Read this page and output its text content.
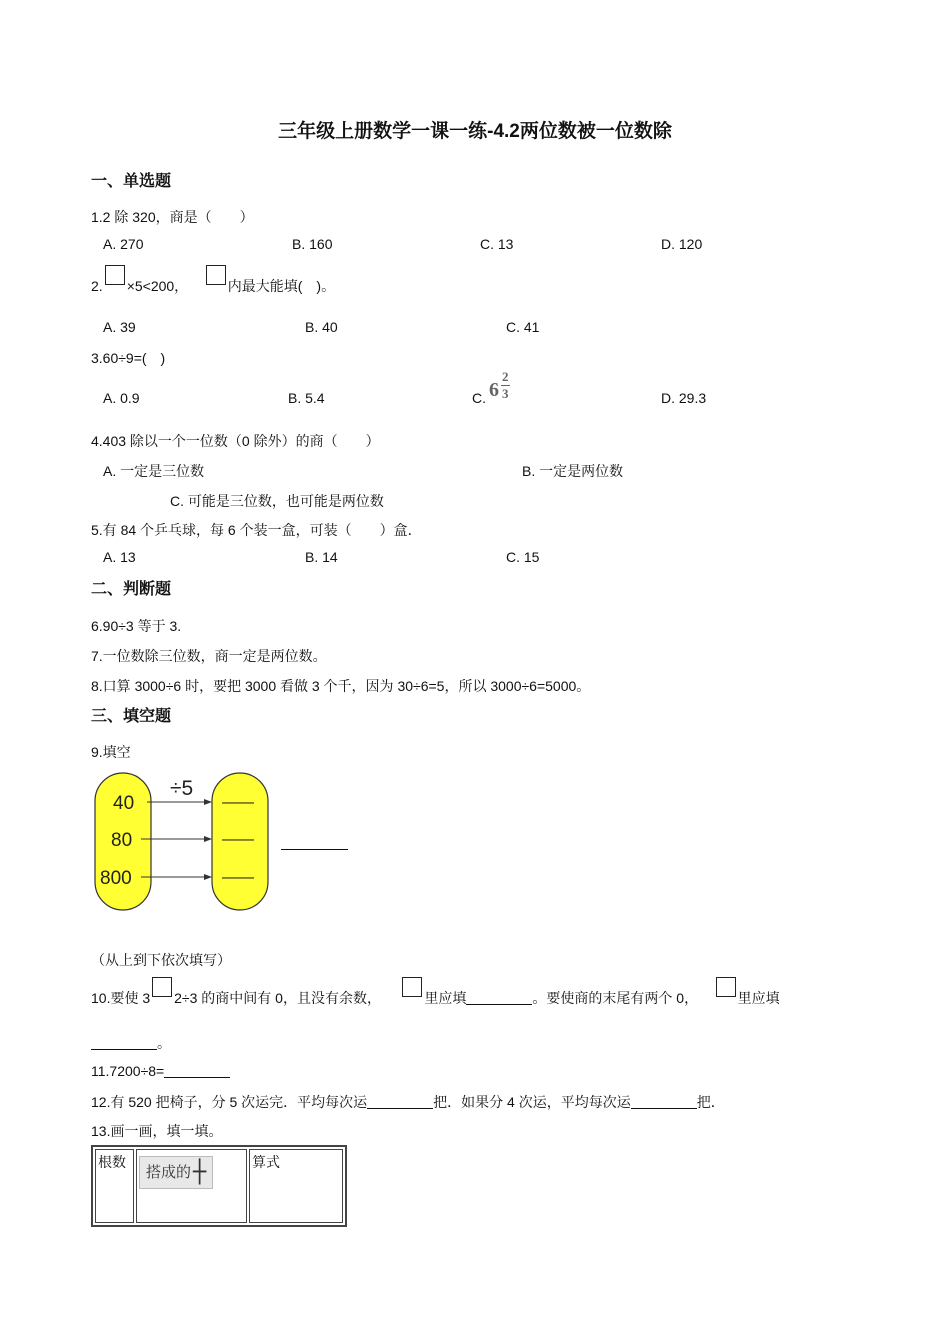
三年级上册数学一课一练-4.2两位数被一位数除
一、单选题
1.2 除 320，商是（　　）
A. 270	B. 160	C. 13	D. 120
2. ×5<200，	内最大能填(　)。
A. 39	B. 40	C. 41
3.60÷9=(　)
A. 0.9	B. 5.4	C. 6
2
3	D. 29.3
4.403 除以一个一位数（0 除外）的商（　　）
A. 一定是三位数	B. 一定是两位数
C. 可能是三位数，也可能是两位数
5.有 84 个乒乓球，每 6 个装一盒，可装（　　）盒．
A. 13	B. 14	C. 15
二、判断题
6.90÷3 等于 3.
7.一位数除三位数，商一定是两位数。
8.口算 3000÷6 时，要把 3000 看做 3 个千，因为 30÷6=5，所以 3000÷6=5000。
三、填空题
9.填空
÷5
40
80
800
——
——
——
（从上到下依次填写）
10.要使 3 2÷3 的商中间有 0，且没有余数，	里应填	。要使商的末尾有两个 0，	里应填
。
11.7200÷8=
12.有 520 把椅子，分 5 次运完．平均每次运	把．如果分 4 次运，平均每次运	把．
13.画一画，填一填。
根数	搭成的┼	算式
